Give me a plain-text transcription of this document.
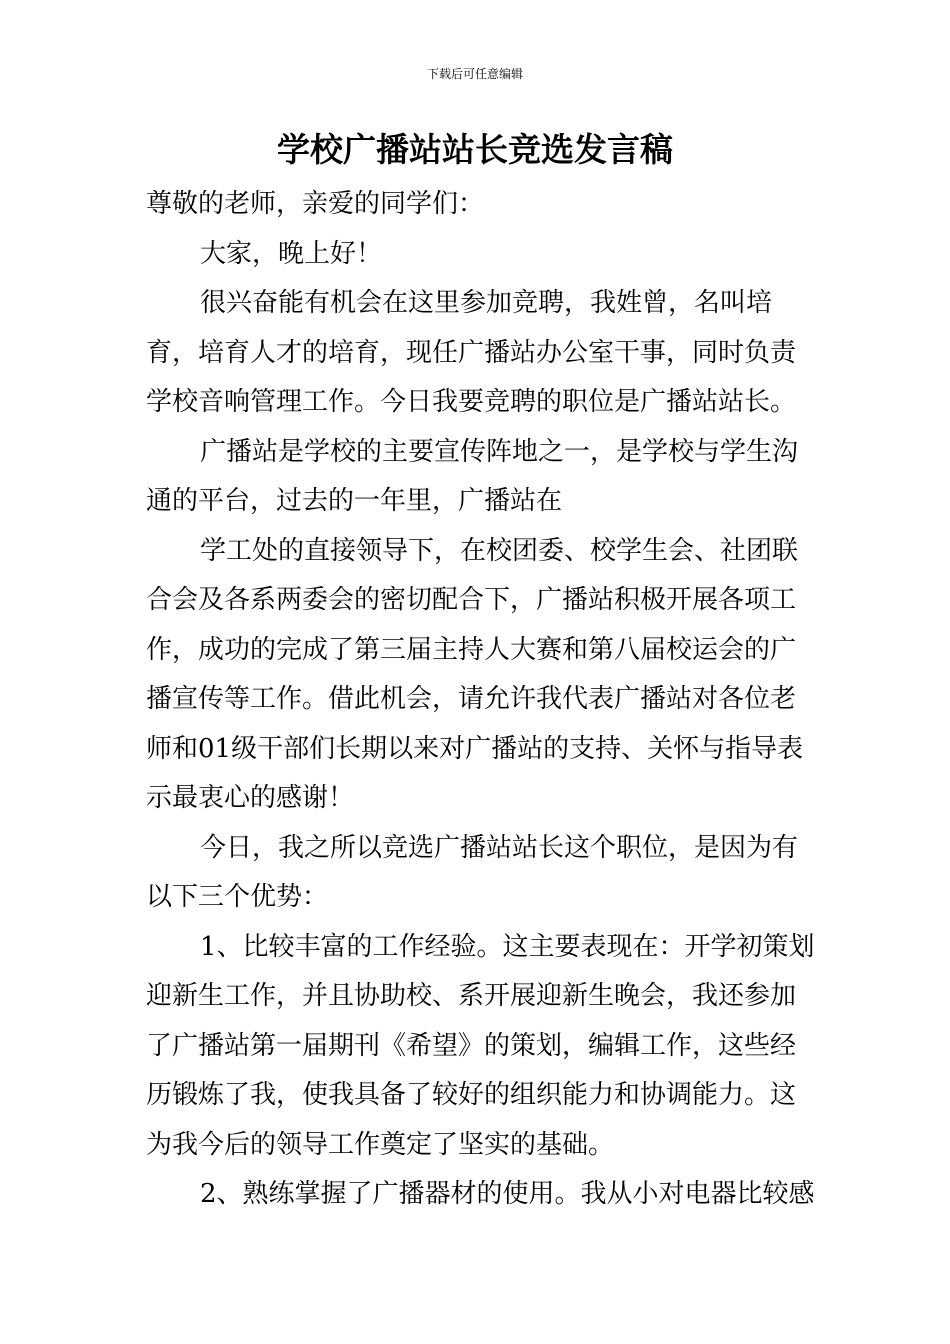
下载后可任意编辑
学校广播站站长竞选发言稿

尊敬的老师，亲爱的同学们：

大家，晚上好！

很兴奋能有机会在这里参加竞聘，我姓曾，名叫培育，培育人才的培育，现任广播站办公室干事，同时负责学校音响管理工作。今日我要竞聘的职位是广播站站长。

广播站是学校的主要宣传阵地之一，是学校与学生沟通的平台，过去的一年里，广播站在

学工处的直接领导下，在校团委、校学生会、社团联合会及各系两委会的密切配合下，广播站积极开展各项工作，成功的完成了第三届主持人大赛和第八届校运会的广播宣传等工作。借此机会，请允许我代表广播站对各位老师和01级干部们长期以来对广播站的支持、关怀与指导表示最衷心的感谢！

今日，我之所以竞选广播站站长这个职位，是因为有以下三个优势：

1、比较丰富的工作经验。这主要表现在：开学初策划迎新生工作，并且协助校、系开展迎新生晚会，我还参加了广播站第一届期刊《希望》的策划，编辑工作，这些经历锻炼了我，使我具备了较好的组织能力和协调能力。这为我今后的领导工作奠定了坚实的基础。

2、熟练掌握了广播器材的使用。我从小对电器比较感
